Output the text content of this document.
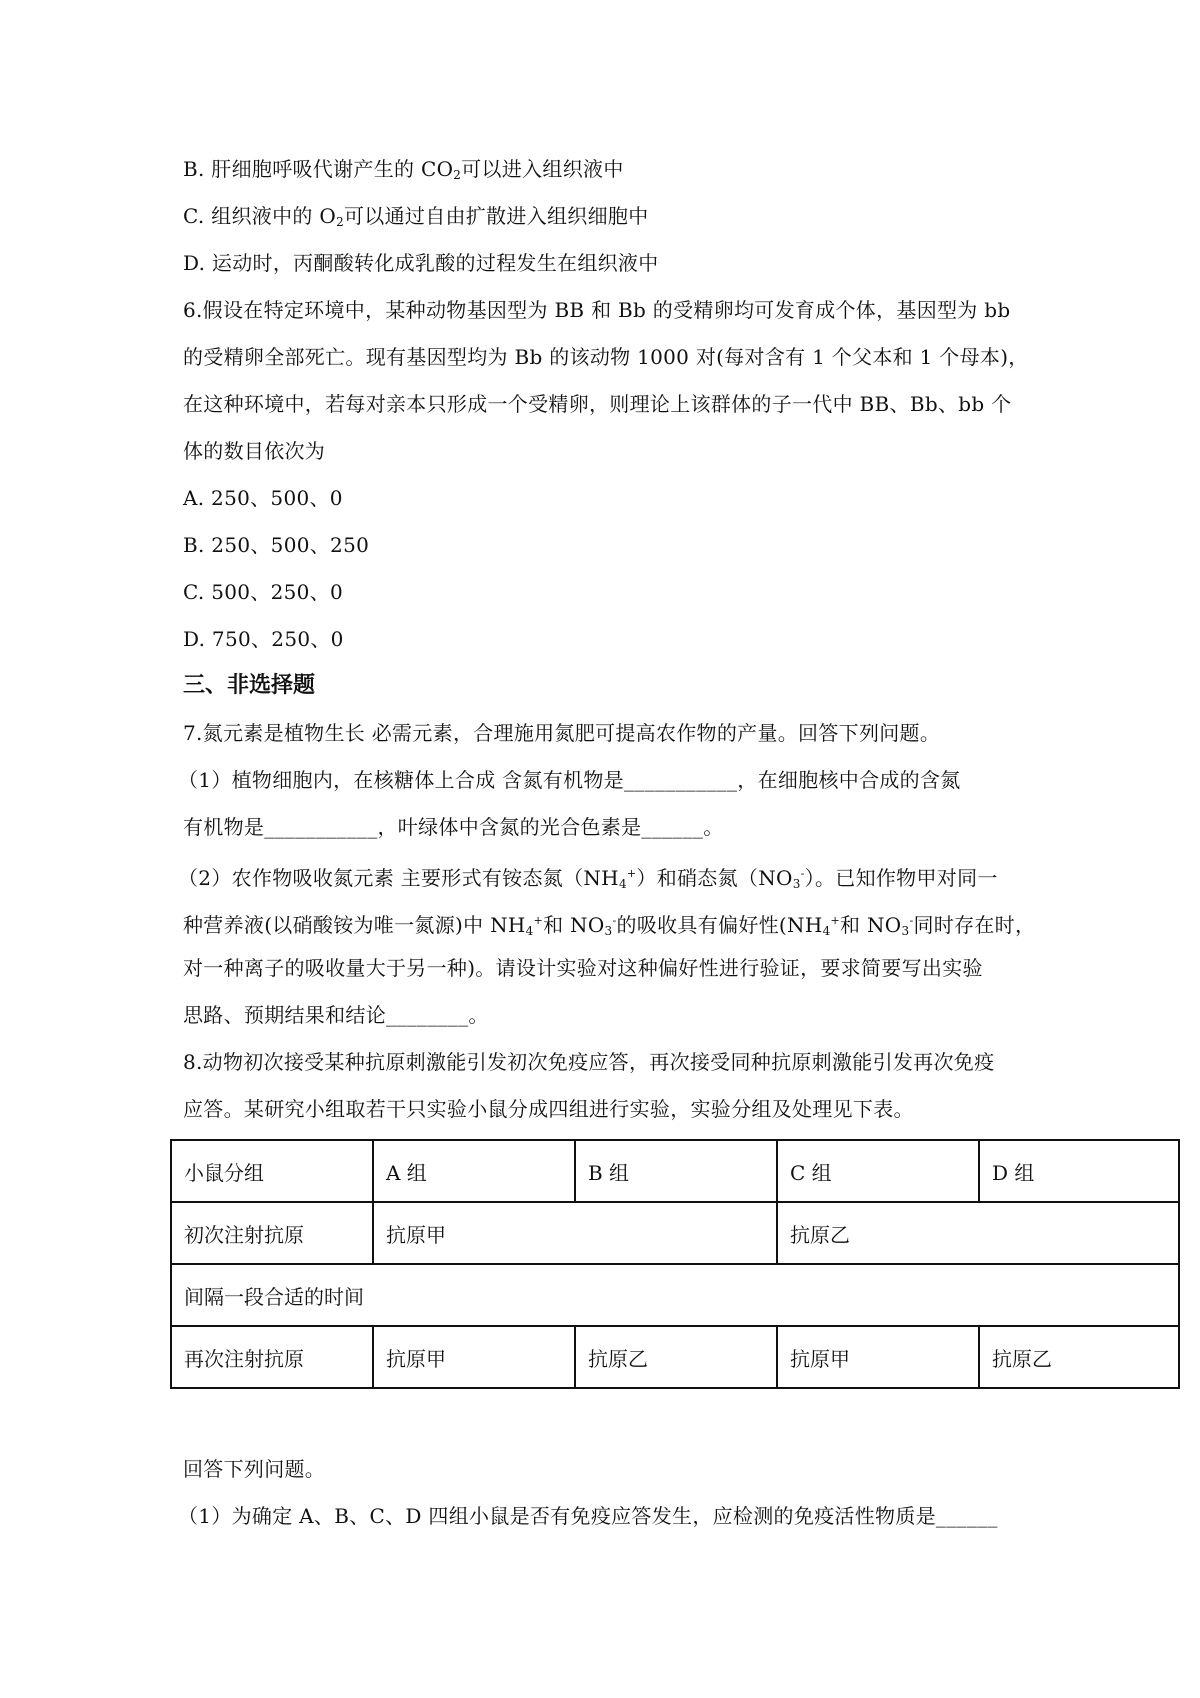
B. 肝细胞呼吸代谢产生的 $CO_2$可以进入组织液中
C. 组织液中的 $O_2$可以通过自由扩散进入组织细胞中
D. 运动时，丙酮酸转化成乳酸的过程发生在组织液中
6.假设在特定环境中，某种动物基因型为 BB 和 Bb 的受精卵均可发育成个体，基因型为 bb
的受精卵全部死亡。现有基因型均为 Bb 的该动物 1000 对(每对含有 1 个父本和 1 个母本)，
在这种环境中，若每对亲本只形成一个受精卵，则理论上该群体的子一代中 BB、Bb、bb 个
体的数目依次为
A. 250、500、0
B. 250、500、250
C. 500、250、0
D. 750、250、0
三、非选择题
7.氮元素是植物生长 必需元素，合理施用氮肥可提高农作物的产量。回答下列问题。
（1）植物细胞内，在核糖体上合成 含氮有机物是___________，在细胞核中合成的含氮
有机物是___________，叶绿体中含氮的光合色素是______。
（2）农作物吸收氮元素 主要形式有铵态氮$(NH_4^+)$和硝态氮$(NO_3^-)$。已知作物甲对同一
种营养液(以硝酸铵为唯一氮源)中 $NH_4^+$和 $NO_3^-$的吸收具有偏好性($NH_4^+$和 $NO_3^-$同时存在时，
对一种离子的吸收量大于另一种)。请设计实验对这种偏好性进行验证，要求简要写出实验
思路、预期结果和结论________。
8.动物初次接受某种抗原刺激能引发初次免疫应答，再次接受同种抗原刺激能引发再次免疫
应答。某研究小组取若干只实验小鼠分成四组进行实验，实验分组及处理见下表。
小鼠分组	A 组	B 组	C 组	D 组
初次注射抗原	抗原甲		抗原乙	
间隔一段合适的时间				
再次注射抗原	抗原甲	抗原乙	抗原甲	抗原乙
回答下列问题。
（1）为确定 A、B、C、D 四组小鼠是否有免疫应答发生，应检测的免疫活性物质是______
